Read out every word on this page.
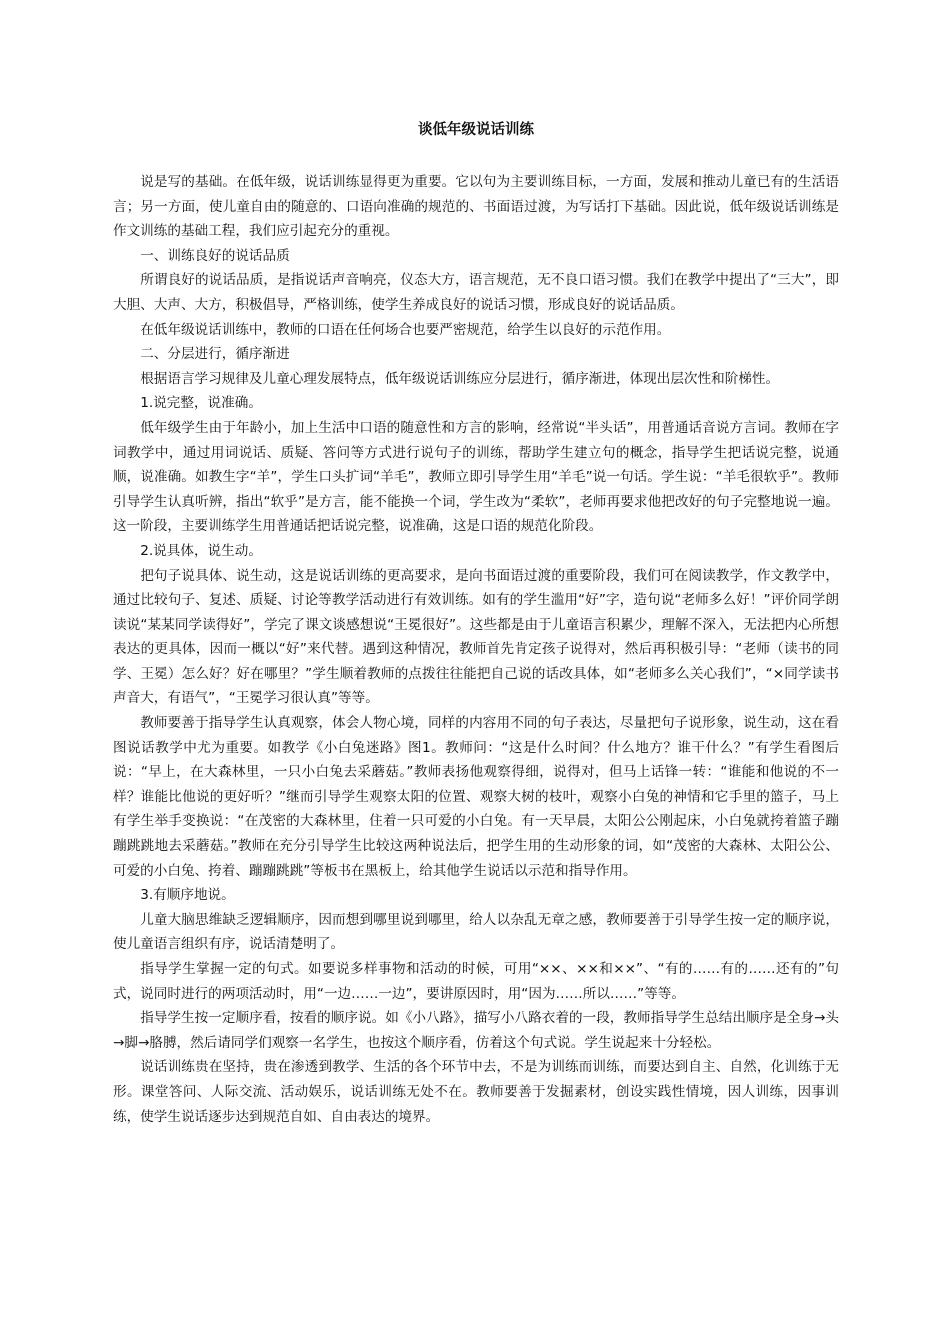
谈低年级说话训练

说是写的基础。在低年级，说话训练显得更为重要。它以句为主要训练目标，一方面，发展和推动儿童已有的生活语言；另一方面，使儿童自由的随意的、口语向准确的规范的、书面语过渡，为写话打下基础。因此说，低年级说话训练是作文训练的基础工程，我们应引起充分的重视。

一、训练良好的说话品质

所谓良好的说话品质，是指说话声音响亮，仪态大方，语言规范，无不良口语习惯。我们在教学中提出了“三大”，即大胆、大声、大方，积极倡导，严格训练，使学生养成良好的说话习惯，形成良好的说话品质。

在低年级说话训练中，教师的口语在任何场合也要严密规范，给学生以良好的示范作用。

二、分层进行，循序渐进

根据语言学习规律及儿童心理发展特点，低年级说话训练应分层进行，循序渐进，体现出层次性和阶梯性。

1.说完整，说准确。

低年级学生由于年龄小，加上生活中口语的随意性和方言的影响，经常说“半头话”，用普通话音说方言词。教师在字词教学中，通过用词说话、质疑、答问等方式进行说句子的训练，帮助学生建立句的概念，指导学生把话说完整，说通顺，说准确。如教生字“羊”，学生口头扩词“羊毛”，教师立即引导学生用“羊毛”说一句话。学生说：“羊毛很软乎”。教师引导学生认真听辨，指出“软乎”是方言，能不能换一个词，学生改为“柔软”，老师再要求他把改好的句子完整地说一遍。这一阶段，主要训练学生用普通话把话说完整，说准确，这是口语的规范化阶段。

2.说具体，说生动。

把句子说具体、说生动，这是说话训练的更高要求，是向书面语过渡的重要阶段，我们可在阅读教学，作文教学中，通过比较句子、复述、质疑、讨论等教学活动进行有效训练。如有的学生滥用“好”字，造句说“老师多么好！”评价同学朗读说“某某同学读得好”，学完了课文谈感想说“王冕很好”。这些都是由于儿童语言积累少，理解不深入，无法把内心所想表达的更具体，因而一概以“好”来代替。遇到这种情况，教师首先肯定孩子说得对，然后再积极引导：“老师（读书的同学、王冕）怎么好？好在哪里？”学生顺着教师的点拨往往能把自己说的话改具体，如“老师多么关心我们”，“×同学读书声音大，有语气”，“王冕学习很认真”等等。

教师要善于指导学生认真观察，体会人物心境，同样的内容用不同的句子表达，尽量把句子说形象，说生动，这在看图说话教学中尤为重要。如教学《小白兔迷路》图1。教师问：“这是什么时间？什么地方？谁干什么？”有学生看图后说：“早上，在大森林里，一只小白兔去采蘑菇。”教师表扬他观察得细，说得对，但马上话锋一转：“谁能和他说的不一样？谁能比他说的更好听？”继而引导学生观察太阳的位置、观察大树的枝叶，观察小白兔的神情和它手里的篮子，马上有学生举手变换说：“在茂密的大森林里，住着一只可爱的小白兔。有一天早晨，太阳公公刚起床，小白兔就挎着篮子蹦蹦跳跳地去采蘑菇。”教师在充分引导学生比较这两种说法后，把学生用的生动形象的词，如“茂密的大森林、太阳公公、可爱的小白兔、挎着、蹦蹦跳跳”等板书在黑板上，给其他学生说话以示范和指导作用。

3.有顺序地说。

儿童大脑思维缺乏逻辑顺序，因而想到哪里说到哪里，给人以杂乱无章之感，教师要善于引导学生按一定的顺序说，使儿童语言组织有序，说话清楚明了。

指导学生掌握一定的句式。如要说多样事物和活动的时候，可用“××、××和××”、“有的……有的……还有的”句式，说同时进行的两项活动时，用“一边……一边”，要讲原因时，用“因为……所以……”等等。

指导学生按一定顺序看，按看的顺序说。如《小八路》，描写小八路衣着的一段，教师指导学生总结出顺序是全身→头→脚→胳膊，然后请同学们观察一名学生，也按这个顺序看，仿着这个句式说。学生说起来十分轻松。

说话训练贵在坚持，贵在渗透到教学、生活的各个环节中去，不是为训练而训练，而要达到自主、自然，化训练于无形。课堂答问、人际交流、活动娱乐，说话训练无处不在。教师要善于发掘素材，创设实践性情境，因人训练，因事训练，使学生说话逐步达到规范自如、自由表达的境界。
